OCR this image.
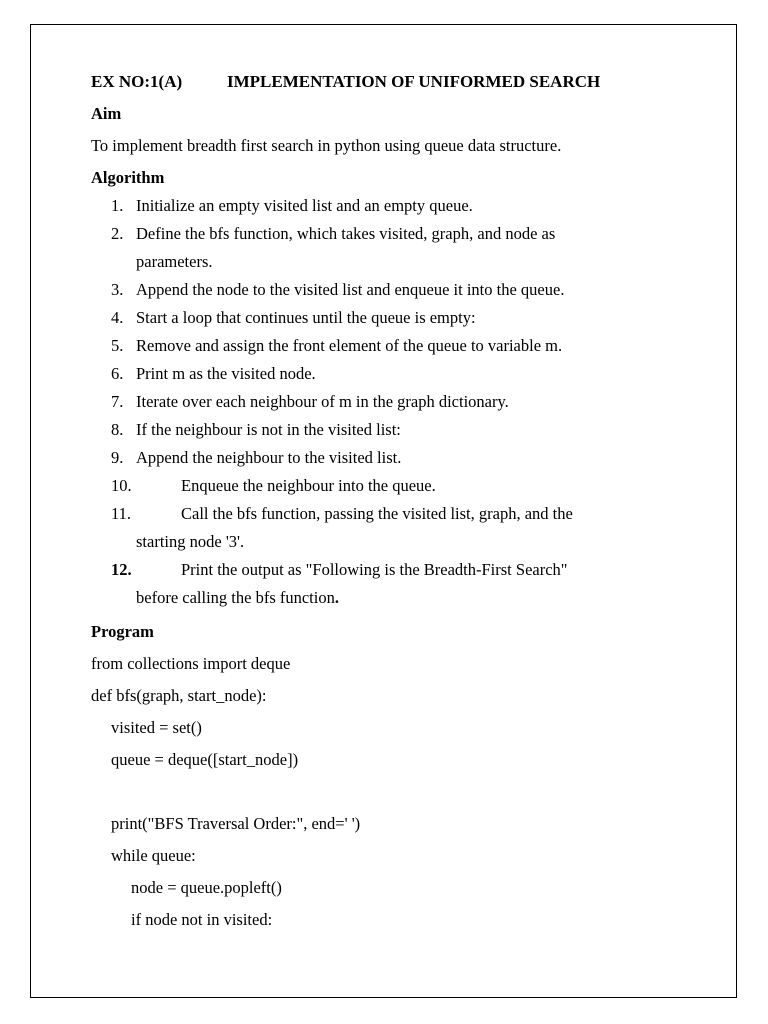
EX NO:1(A)	IMPLEMENTATION OF UNIFORMED SEARCH
Aim
To implement breadth first search in python using queue data structure.
Algorithm
1. Initialize an empty visited list and an empty queue.
2. Define the bfs function, which takes visited, graph, and node as
parameters.
3. Append the node to the visited list and enqueue it into the queue.
4. Start a loop that continues until the queue is empty:
5. Remove and assign the front element of the queue to variable m.
6. Print m as the visited node.
7. Iterate over each neighbour of m in the graph dictionary.
8. If the neighbour is not in the visited list:
9. Append the neighbour to the visited list.
10.	Enqueue the neighbour into the queue.
11.	Call the bfs function, passing the visited list, graph, and the
starting node '3'.
12.	Print the output as "Following is the Breadth-First Search"
before calling the bfs function.
Program
from collections import deque
def bfs(graph, start_node):
visited = set()
queue = deque([start_node])

print("BFS Traversal Order:", end=' ')
while queue:
node = queue.popleft()
if node not in visited:
